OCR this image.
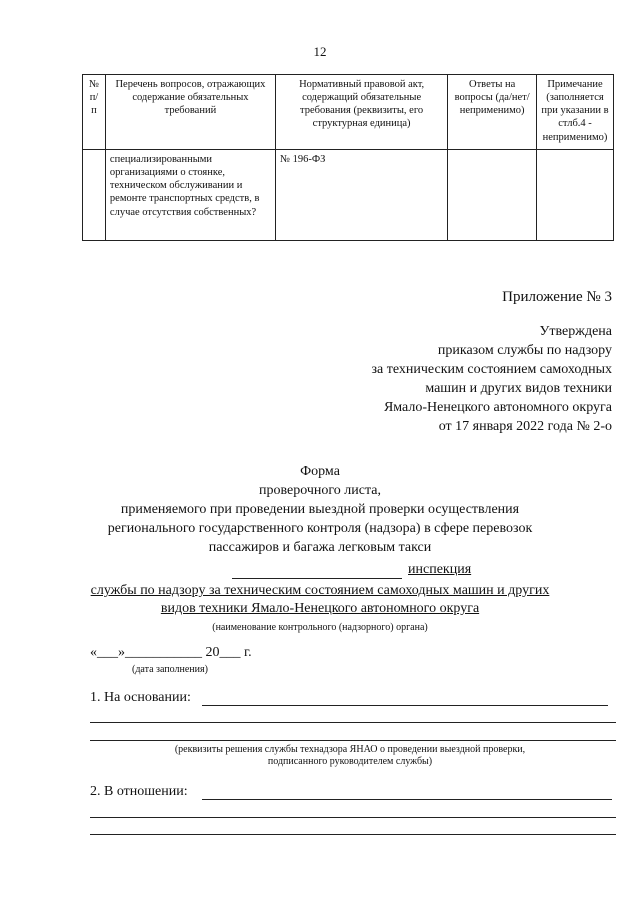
12
№ п/п	Перечень вопросов, отражающих содержание обязательных требований	Нормативный правовой акт, содержащий обязательные требования (реквизиты, его структурная единица)	Ответы на вопросы (да/нет/ неприменимо)	Примечание (заполняется при указании в стлб.4 - неприменимо)
	специализированными организациями о стоянке, техническом обслуживании и ремонте транспортных средств, в случае отсутствия собственных?	№ 196-ФЗ		
Приложение № 3
Утверждена
приказом службы по надзору
за техническим состоянием самоходных
машин и других видов техники
Ямало-Ненецкого автономного округа
от 17 января 2022 года № 2-о
Форма
проверочного листа,
применяемого при проведении выездной проверки осуществления
регионального государственного контроля (надзора) в сфере перевозок
пассажиров и багажа легковым такси
инспекция
службы по надзору за техническим состоянием самоходных машин и других
видов техники Ямало-Ненецкого автономного округа
(наименование контрольного (надзорного) органа)
«___»___________ 20___ г.
(дата заполнения)
1. На основании:
(реквизиты решения службы технадзора ЯНАО о проведении выездной проверки,
подписанного руководителем службы)
2. В отношении:
